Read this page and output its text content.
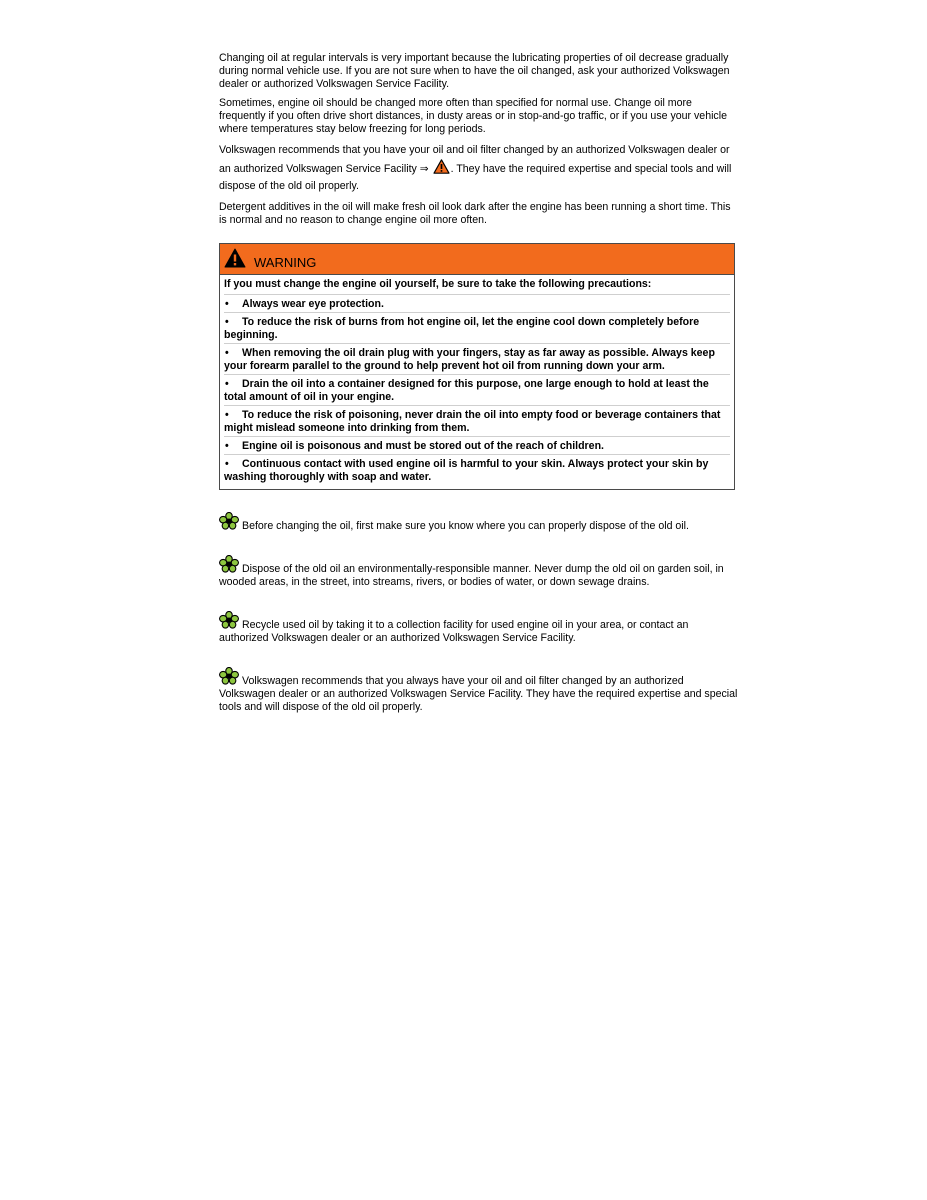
Changing oil at regular intervals is very important because the lubricating properties of oil decrease gradually during normal vehicle use. If you are not sure when to have the oil changed, ask your authorized Volkswagen dealer or authorized Volkswagen Service Facility.

Sometimes, engine oil should be changed more often than specified for normal use. Change oil more frequently if you often drive short distances, in dusty areas or in stop-and-go traffic, or if you use your vehicle where temperatures stay below freezing for long periods.

Volkswagen recommends that you have your oil and oil filter changed by an authorized Volkswagen dealer or an authorized Volkswagen Service Facility ⇒ . They have the required expertise and special tools and will dispose of the old oil properly.

Detergent additives in the oil will make fresh oil look dark after the engine has been running a short time. This is normal and no reason to change engine oil more often.

WARNING

If you must change the engine oil yourself, be sure to take the following precautions:

• Always wear eye protection.

• To reduce the risk of burns from hot engine oil, let the engine cool down completely before beginning.

• When removing the oil drain plug with your fingers, stay as far away as possible. Always keep your forearm parallel to the ground to help prevent hot oil from running down your arm.

• Drain the oil into a container designed for this purpose, one large enough to hold at least the total amount of oil in your engine.

• To reduce the risk of poisoning, never drain the oil into empty food or beverage containers that might mislead someone into drinking from them.

• Engine oil is poisonous and must be stored out of the reach of children.

• Continuous contact with used engine oil is harmful to your skin. Always protect your skin by washing thoroughly with soap and water.

Before changing the oil, first make sure you know where you can properly dispose of the old oil.

Dispose of the old oil an environmentally-responsible manner. Never dump the old oil on garden soil, in wooded areas, in the street, into streams, rivers, or bodies of water, or down sewage drains.

Recycle used oil by taking it to a collection facility for used engine oil in your area, or contact an authorized Volkswagen dealer or an authorized Volkswagen Service Facility.

Volkswagen recommends that you always have your oil and oil filter changed by an authorized Volkswagen dealer or an authorized Volkswagen Service Facility. They have the required expertise and special tools and will dispose of the old oil properly.
